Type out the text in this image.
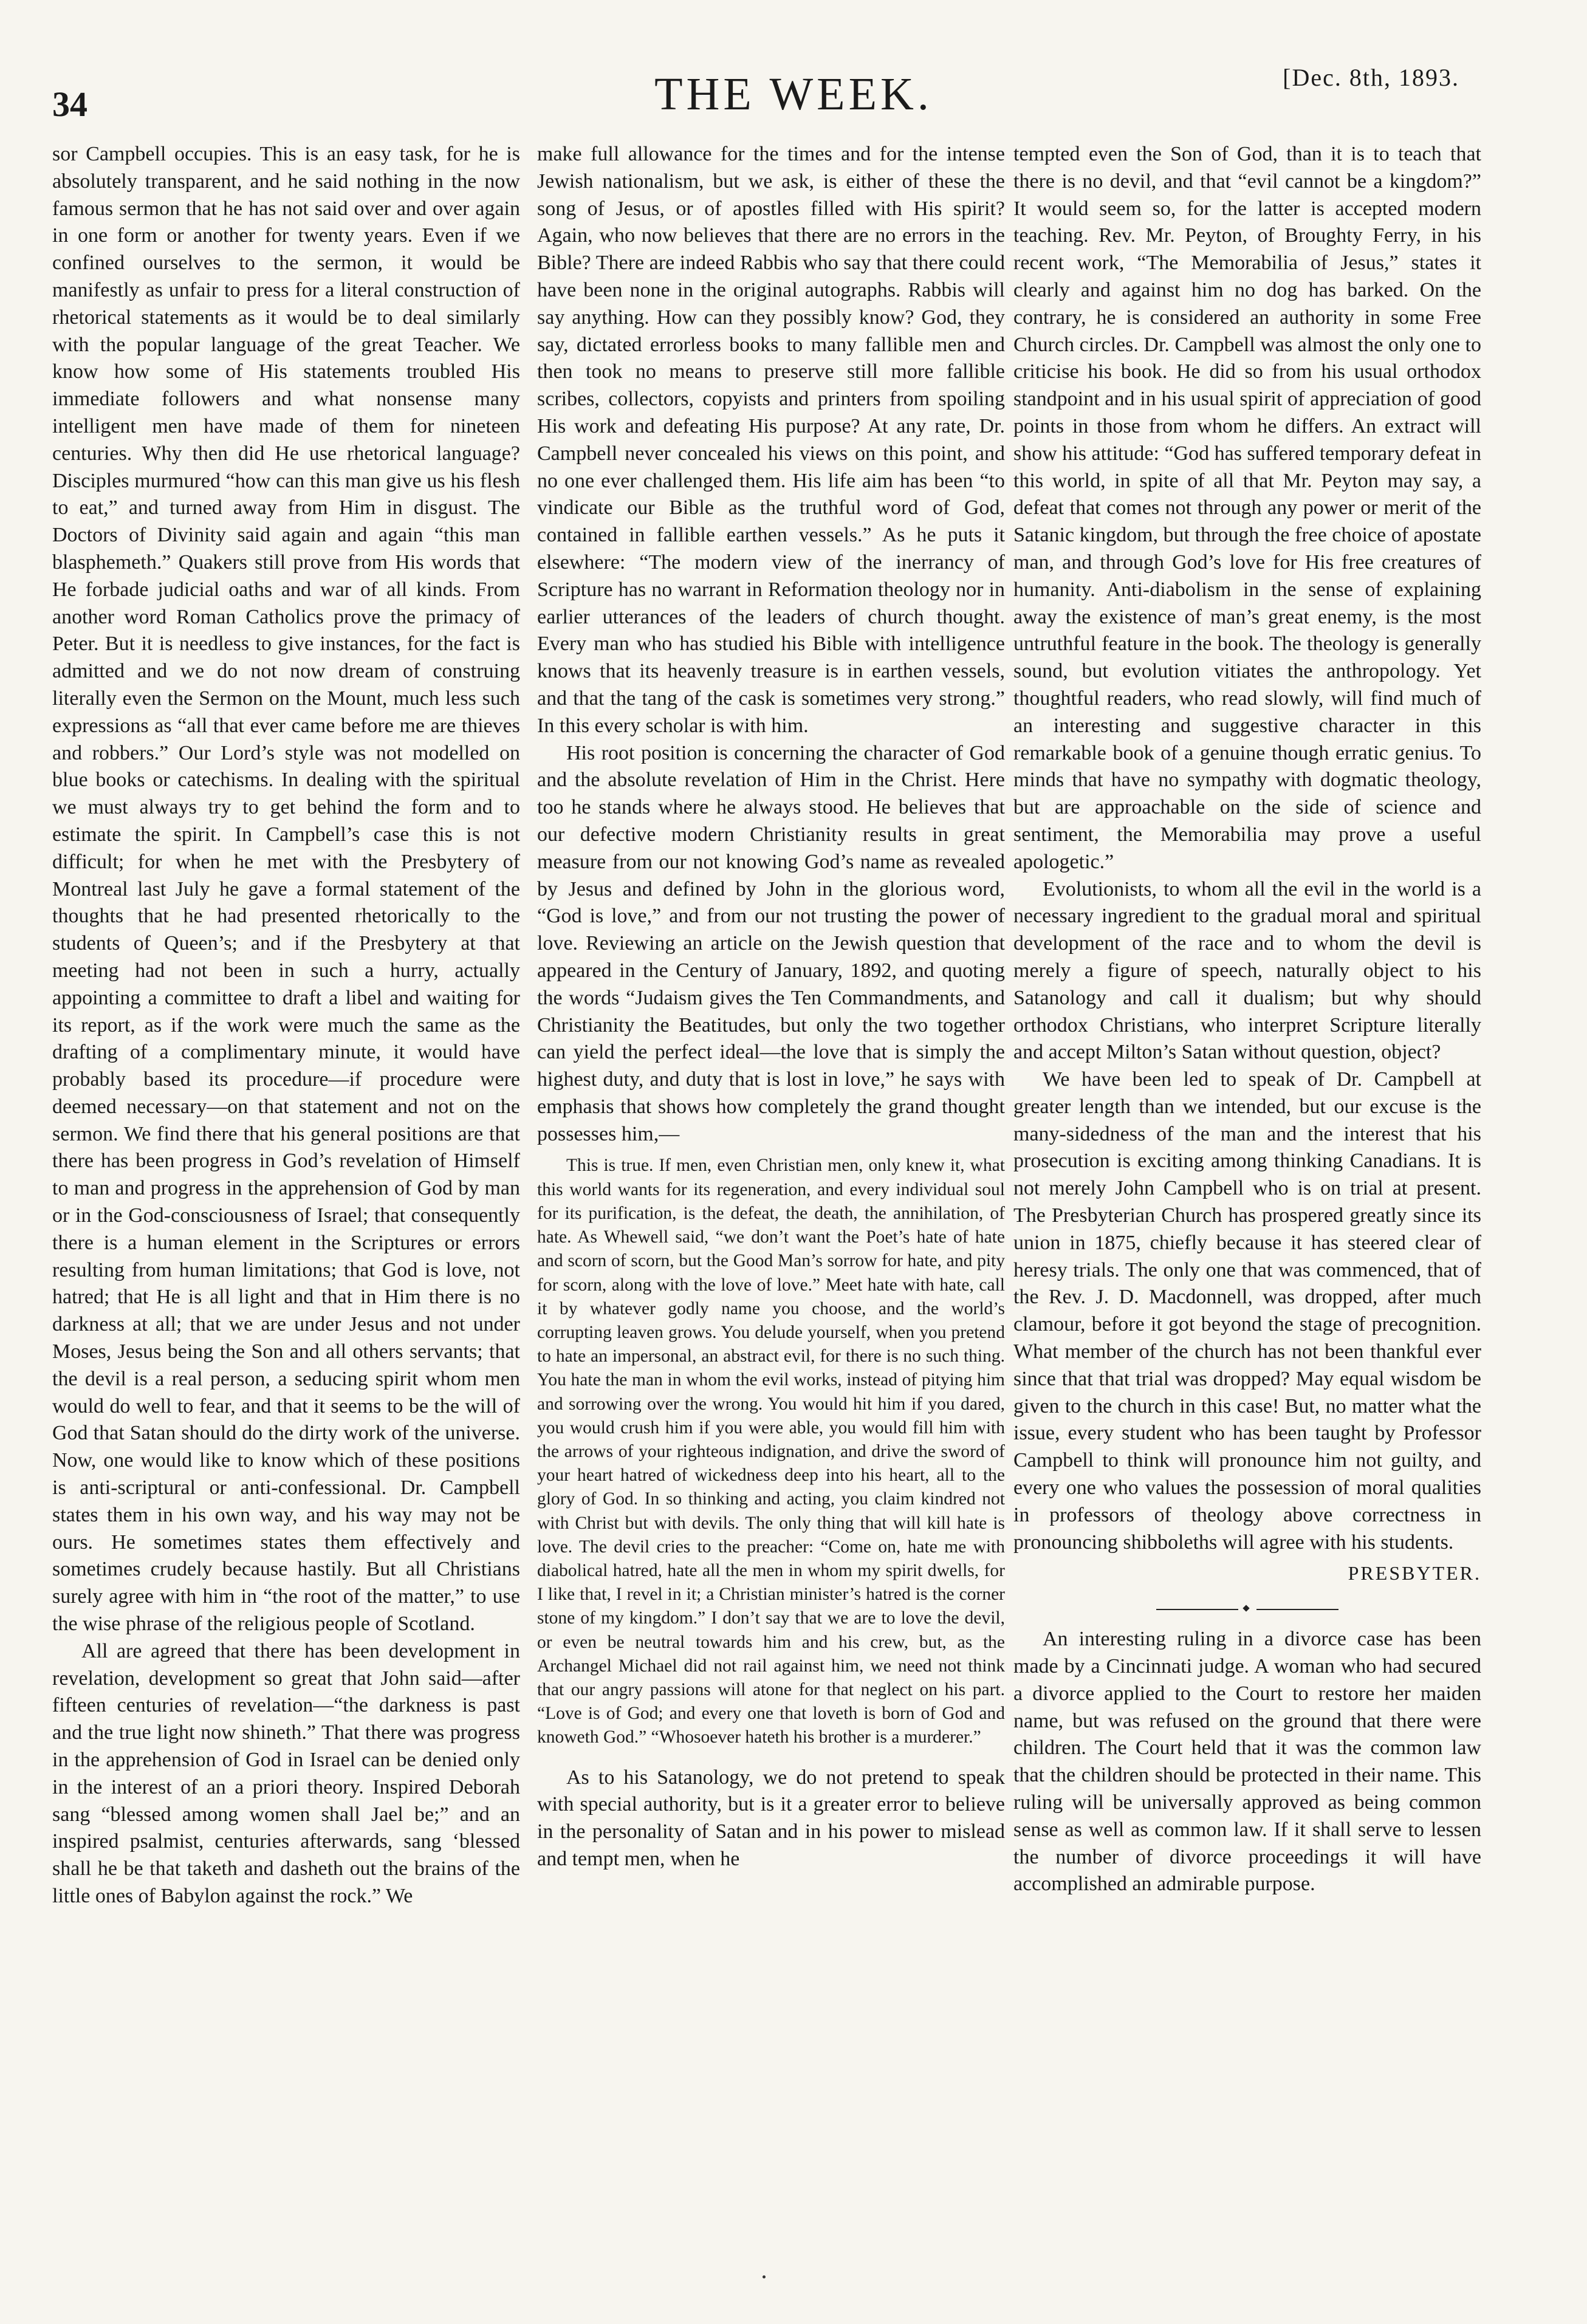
34	THE WEEK.	[Dec. 8th, 1893.

sor Campbell occupies. This is an easy task, for he is absolutely transparent, and he said nothing in the now famous sermon that he has not said over and over again in one form or another for twenty years. Even if we confined ourselves to the sermon, it would be manifestly as unfair to press for a literal construction of rhetorical statements as it would be to deal similarly with the popular language of the great Teacher. We know how some of His statements troubled His immediate followers and what nonsense many intelligent men have made of them for nineteen centuries. Why then did He use rhetorical language? Disciples murmured “how can this man give us his flesh to eat,” and turned away from Him in disgust. The Doctors of Divinity said again and again “this man blasphemeth.” Quakers still prove from His words that He forbade judicial oaths and war of all kinds. From another word Roman Catholics prove the primacy of Peter. But it is needless to give instances, for the fact is admitted and we do not now dream of construing literally even the Sermon on the Mount, much less such expressions as “all that ever came before me are thieves and robbers.” Our Lord’s style was not modelled on blue books or catechisms. In dealing with the spiritual we must always try to get behind the form and to estimate the spirit. In Campbell’s case this is not difficult; for when he met with the Presbytery of Montreal last July he gave a formal statement of the thoughts that he had presented rhetorically to the students of Queen’s; and if the Presbytery at that meeting had not been in such a hurry, actually appointing a committee to draft a libel and waiting for its report, as if the work were much the same as the drafting of a complimentary minute, it would have probably based its procedure—if procedure were deemed necessary—on that statement and not on the sermon. We find there that his general positions are that there has been progress in God’s revelation of Himself to man and progress in the apprehension of God by man or in the God-consciousness of Israel; that consequently there is a human element in the Scriptures or errors resulting from human limitations; that God is love, not hatred; that He is all light and that in Him there is no darkness at all; that we are under Jesus and not under Moses, Jesus being the Son and all others servants; that the devil is a real person, a seducing spirit whom men would do well to fear, and that it seems to be the will of God that Satan should do the dirty work of the universe. Now, one would like to know which of these positions is anti-scriptural or anti-confessional. Dr. Campbell states them in his own way, and his way may not be ours. He sometimes states them effectively and sometimes crudely because hastily. But all Christians surely agree with him in “the root of the matter,” to use the wise phrase of the religious people of Scotland.

All are agreed that there has been development in revelation, development so great that John said—after fifteen centuries of revelation—“the darkness is past and the true light now shineth.” That there was progress in the apprehension of God in Israel can be denied only in the interest of an a priori theory. Inspired Deborah sang “blessed among women shall Jael be;” and an inspired psalmist, centuries afterwards, sang ‘blessed shall he be that taketh and dasheth out the brains of the little ones of Babylon against the rock.” We

make full allowance for the times and for the intense Jewish nationalism, but we ask, is either of these the song of Jesus, or of apostles filled with His spirit? Again, who now believes that there are no errors in the Bible? There are indeed Rabbis who say that there could have been none in the original autographs. Rabbis will say anything. How can they possibly know? God, they say, dictated errorless books to many fallible men and then took no means to preserve still more fallible scribes, collectors, copyists and printers from spoiling His work and defeating His purpose? At any rate, Dr. Campbell never concealed his views on this point, and no one ever challenged them. His life aim has been “to vindicate our Bible as the truthful word of God, contained in fallible earthen vessels.” As he puts it elsewhere: “The modern view of the inerrancy of Scripture has no warrant in Reformation theology nor in earlier utterances of the leaders of church thought. Every man who has studied his Bible with intelligence knows that its heavenly treasure is in earthen vessels, and that the tang of the cask is sometimes very strong.” In this every scholar is with him.

His root position is concerning the character of God and the absolute revelation of Him in the Christ. Here too he stands where he always stood. He believes that our defective modern Christianity results in great measure from our not knowing God’s name as revealed by Jesus and defined by John in the glorious word, “God is love,” and from our not trusting the power of love. Reviewing an article on the Jewish question that appeared in the Century of January, 1892, and quoting the words “Judaism gives the Ten Commandments, and Christianity the Beatitudes, but only the two together can yield the perfect ideal—the love that is simply the highest duty, and duty that is lost in love,” he says with emphasis that shows how completely the grand thought possesses him,—

This is true. If men, even Christian men, only knew it, what this world wants for its regeneration, and every individual soul for its purification, is the defeat, the death, the annihilation, of hate. As Whewell said, “we don’t want the Poet’s hate of hate and scorn of scorn, but the Good Man’s sorrow for hate, and pity for scorn, along with the love of love.” Meet hate with hate, call it by whatever godly name you choose, and the world’s corrupting leaven grows. You delude yourself, when you pretend to hate an impersonal, an abstract evil, for there is no such thing. You hate the man in whom the evil works, instead of pitying him and sorrowing over the wrong. You would hit him if you dared, you would crush him if you were able, you would fill him with the arrows of your righteous indignation, and drive the sword of your heart hatred of wickedness deep into his heart, all to the glory of God. In so thinking and acting, you claim kindred not with Christ but with devils. The only thing that will kill hate is love. The devil cries to the preacher: “Come on, hate me with diabolical hatred, hate all the men in whom my spirit dwells, for I like that, I revel in it; a Christian minister’s hatred is the corner stone of my kingdom.” I don’t say that we are to love the devil, or even be neutral towards him and his crew, but, as the Archangel Michael did not rail against him, we need not think that our angry passions will atone for that neglect on his part. “Love is of God; and every one that loveth is born of God and knoweth God.” “Whosoever hateth his brother is a murderer.”

As to his Satanology, we do not pretend to speak with special authority, but is it a greater error to believe in the personality of Satan and in his power to mislead and tempt men, when he

tempted even the Son of God, than it is to teach that there is no devil, and that “evil cannot be a kingdom?” It would seem so, for the latter is accepted modern teaching. Rev. Mr. Peyton, of Broughty Ferry, in his recent work, “The Memorabilia of Jesus,” states it clearly and against him no dog has barked. On the contrary, he is considered an authority in some Free Church circles. Dr. Campbell was almost the only one to criticise his book. He did so from his usual orthodox standpoint and in his usual spirit of appreciation of good points in those from whom he differs. An extract will show his attitude: “God has suffered temporary defeat in this world, in spite of all that Mr. Peyton may say, a defeat that comes not through any power or merit of the Satanic kingdom, but through the free choice of apostate man, and through God’s love for His free creatures of humanity. Anti-diabolism in the sense of explaining away the existence of man’s great enemy, is the most untruthful feature in the book. The theology is generally sound, but evolution vitiates the anthropology. Yet thoughtful readers, who read slowly, will find much of an interesting and suggestive character in this remarkable book of a genuine though erratic genius. To minds that have no sympathy with dogmatic theology, but are approachable on the side of science and sentiment, the Memorabilia may prove a useful apologetic.”

Evolutionists, to whom all the evil in the world is a necessary ingredient to the gradual moral and spiritual development of the race and to whom the devil is merely a figure of speech, naturally object to his Satanology and call it dualism; but why should orthodox Christians, who interpret Scripture literally and accept Milton’s Satan without question, object?

We have been led to speak of Dr. Campbell at greater length than we intended, but our excuse is the many-sidedness of the man and the interest that his prosecution is exciting among thinking Canadians. It is not merely John Campbell who is on trial at present. The Presbyterian Church has prospered greatly since its union in 1875, chiefly because it has steered clear of heresy trials. The only one that was commenced, that of the Rev. J. D. Macdonnell, was dropped, after much clamour, before it got beyond the stage of precognition. What member of the church has not been thankful ever since that that trial was dropped? May equal wisdom be given to the church in this case! But, no matter what the issue, every student who has been taught by Professor Campbell to think will pronounce him not guilty, and every one who values the possession of moral qualities in professors of theology above correctness in pronouncing shibboleths will agree with his students.

PRESBYTER.

An interesting ruling in a divorce case has been made by a Cincinnati judge. A woman who had secured a divorce applied to the Court to restore her maiden name, but was refused on the ground that there were children. The Court held that it was the common law that the children should be protected in their name. This ruling will be universally approved as being common sense as well as common law. If it shall serve to lessen the number of divorce proceedings it will have accomplished an admirable purpose.
